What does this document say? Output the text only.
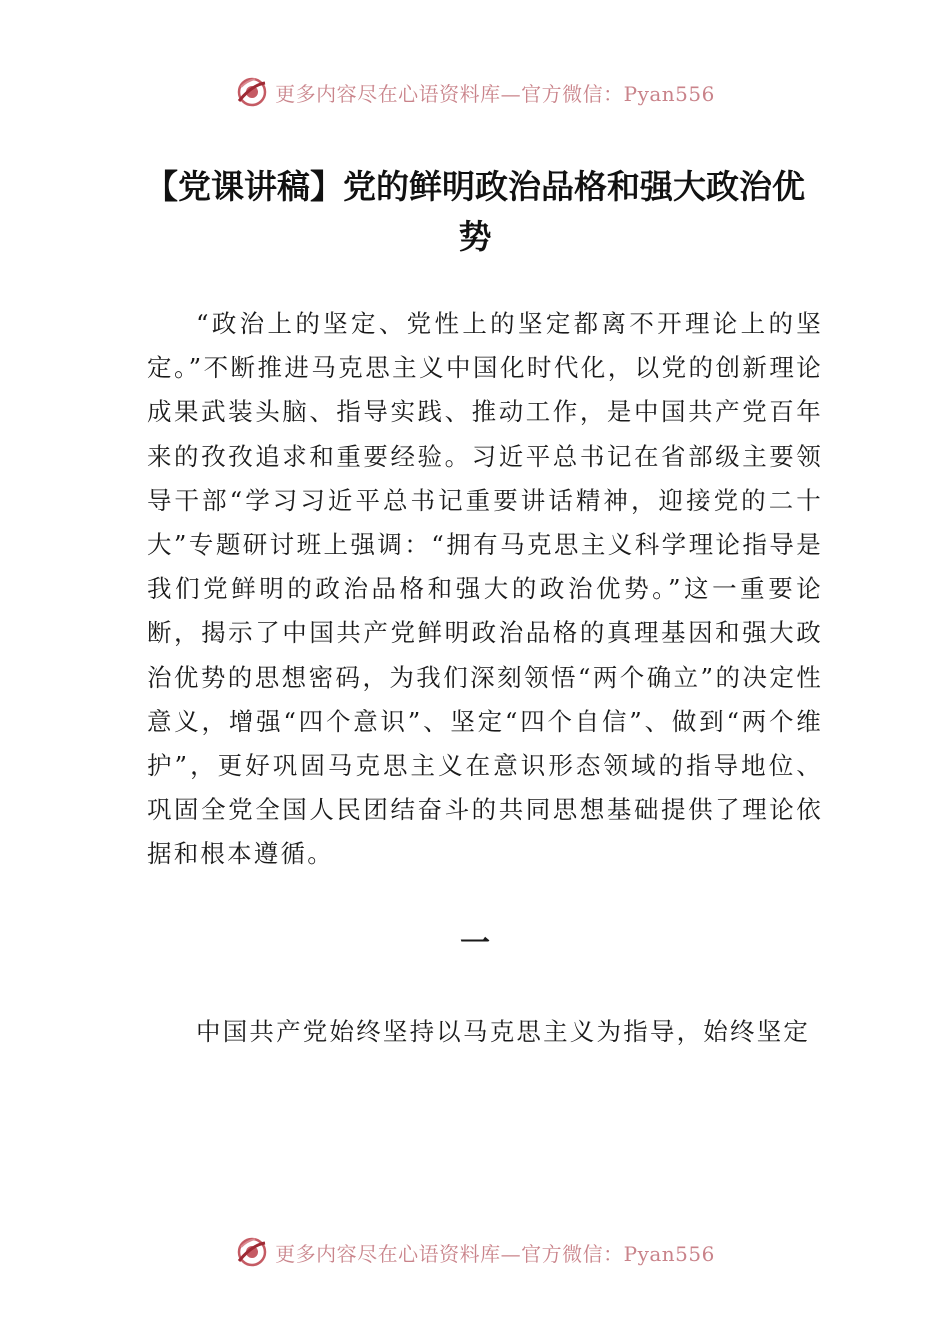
更多内容尽在心语资料库—官方微信：Pyan556
【党课讲稿】党的鲜明政治品格和强大政治优势

“政治上的坚定、党性上的坚定都离不开理论上的坚定。”不断推进马克思主义中国化时代化，以党的创新理论成果武装头脑、指导实践、推动工作，是中国共产党百年来的孜孜追求和重要经验。习近平总书记在省部级主要领导干部“学习习近平总书记重要讲话精神，迎接党的二十大”专题研讨班上强调：“拥有马克思主义科学理论指导是我们党鲜明的政治品格和强大的政治优势。”这一重要论断，揭示了中国共产党鲜明政治品格的真理基因和强大政治优势的思想密码，为我们深刻领悟“两个确立”的决定性意义，增强“四个意识”、坚定“四个自信”、做到“两个维护”，更好巩固马克思主义在意识形态领域的指导地位、巩固全党全国人民团结奋斗的共同思想基础提供了理论依据和根本遵循。

一

中国共产党始终坚持以马克思主义为指导，始终坚定

更多内容尽在心语资料库—官方微信：Pyan556
